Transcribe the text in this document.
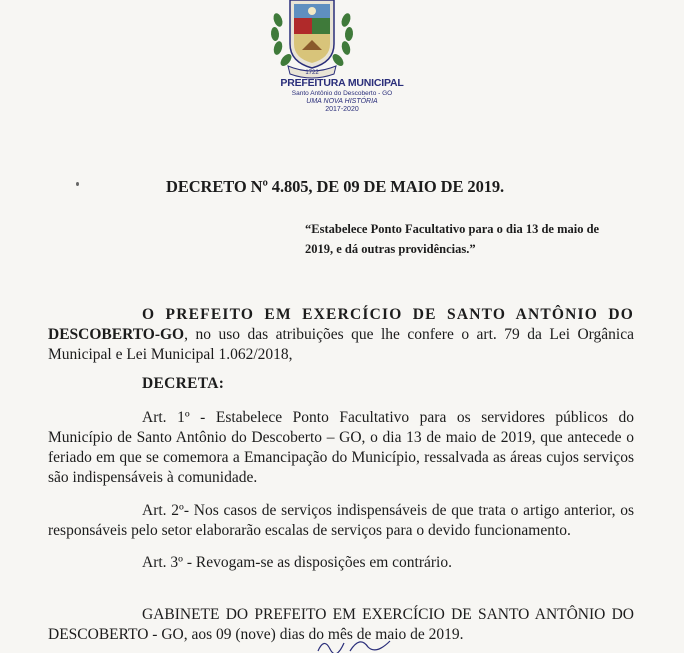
1722
PREFEITURA MUNICIPAL
Santo Antônio do Descoberto - GO
UMA NOVA HISTÓRIA
2017-2020
DECRETO Nº 4.805, DE 09 DE MAIO DE 2019.
“Estabelece Ponto Facultativo para o dia 13 de maio de 2019, e dá outras providências.”
O PREFEITO EM EXERCÍCIO DE SANTO ANTÔNIO DO DESCOBERTO-GO, no uso das atribuições que lhe confere o art. 79 da Lei Orgânica Municipal e Lei Municipal 1.062/2018,
DECRETA:
Art. 1º - Estabelece Ponto Facultativo para os servidores públicos do Município de Santo Antônio do Descoberto – GO, o dia 13 de maio de 2019, que antecede o feriado em que se comemora a Emancipação do Município, ressalvada as áreas cujos serviços são indispensáveis à comunidade.
Art. 2º- Nos casos de serviços indispensáveis de que trata o artigo anterior, os responsáveis pelo setor elaborarão escalas de serviços para o devido funcionamento.
Art. 3º - Revogam-se as disposições em contrário.
GABINETE DO PREFEITO EM EXERCÍCIO DE SANTO ANTÔNIO DO DESCOBERTO - GO, aos 09 (nove) dias do mês de maio de 2019.
